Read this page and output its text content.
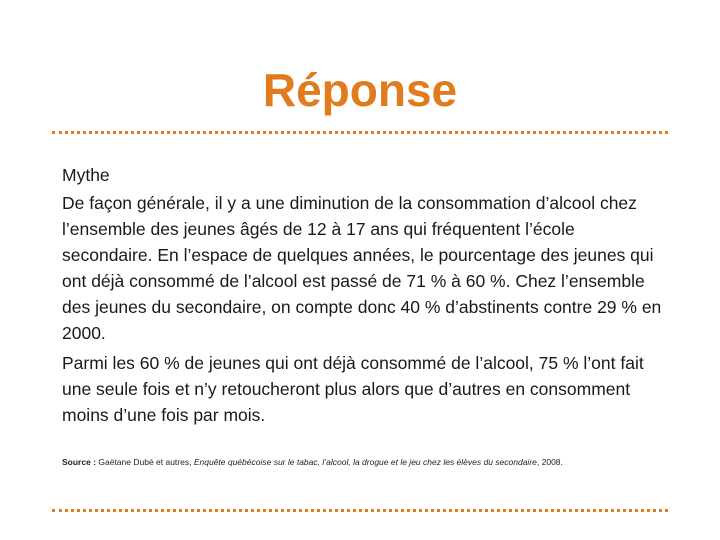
Réponse

Mythe

De façon générale, il y a une diminution de la consommation d’alcool chez l’ensemble des jeunes âgés de 12 à 17 ans qui fréquentent l’école secondaire. En l’espace de quelques années, le pourcentage des jeunes qui ont déjà consommé de l’alcool est passé de 71 % à 60 %. Chez l’ensemble des jeunes du secondaire, on compte donc 40 % d’abstinents contre 29 % en 2000.

Parmi les 60 % de jeunes qui ont déjà consommé de l’alcool, 75 % l’ont fait une seule fois et n’y retoucheront plus alors que d’autres en consomment moins d’une fois par mois.

Source : Gaëtane Dubé et autres, Enquête québécoise sur le tabac, l’alcool, la drogue et le jeu chez les élèves du secondaire, 2008.
